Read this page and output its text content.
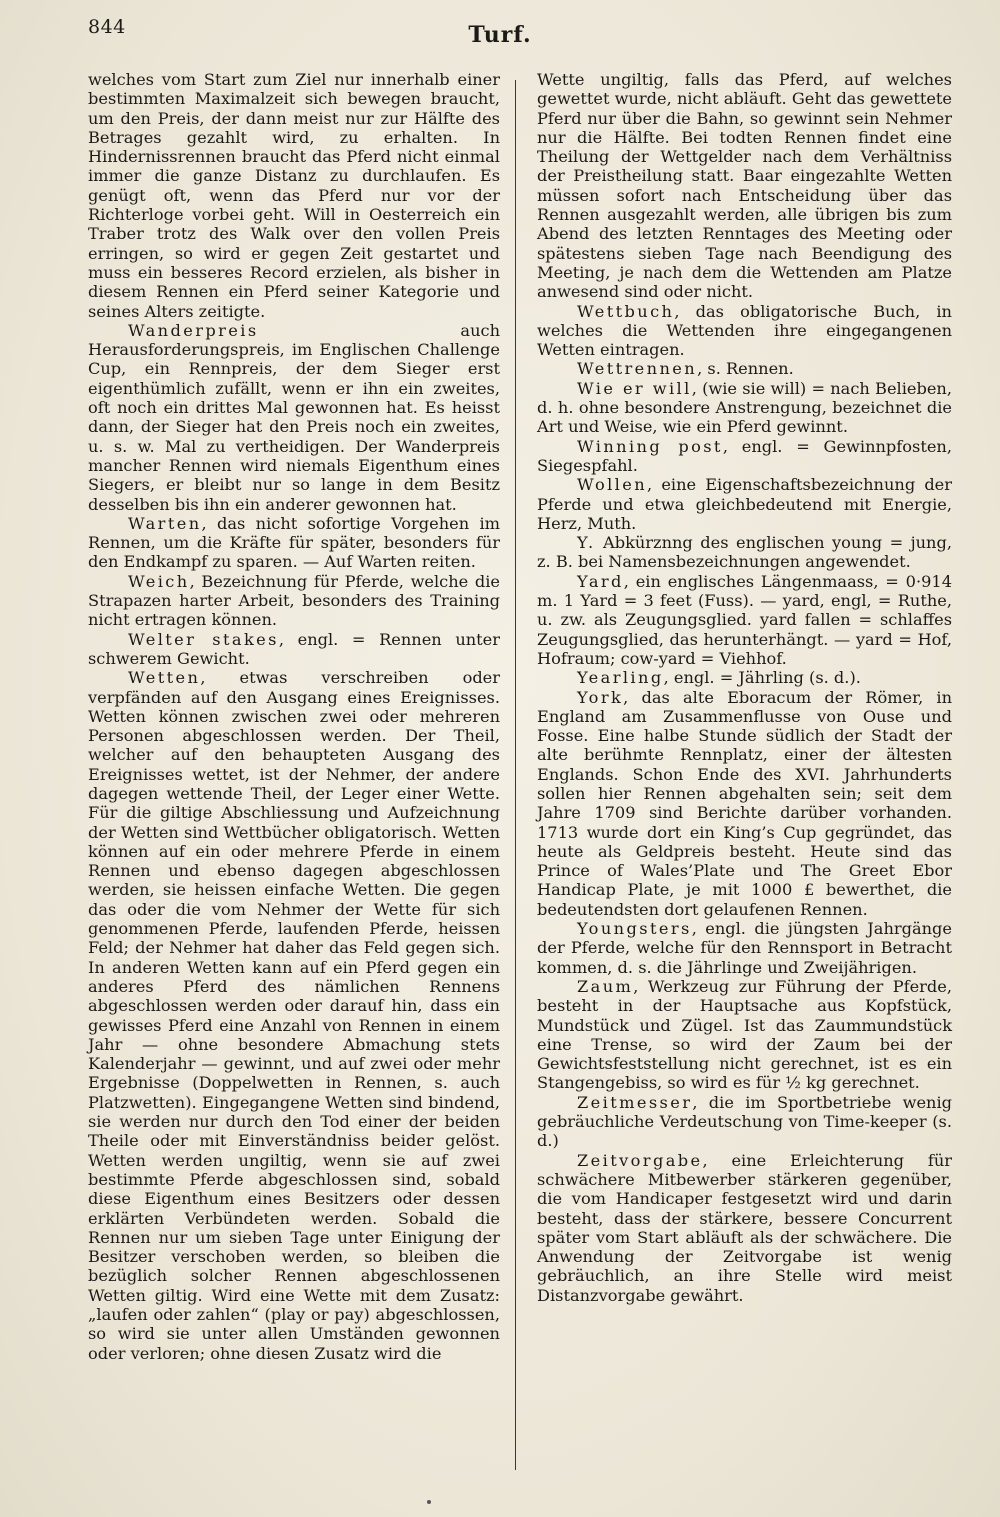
844	Turf.

welches vom Start zum Ziel nur innerhalb einer bestimmten Maximalzeit sich bewegen braucht, um den Preis, der dann meist nur zur Hälfte des Betrages gezahlt wird, zu erhalten. In Hindernissrennen braucht das Pferd nicht einmal immer die ganze Distanz zu durchlaufen. Es genügt oft, wenn das Pferd nur vor der Richterloge vorbei geht. Will in Oesterreich ein Traber trotz des Walk over den vollen Preis erringen, so wird er gegen Zeit gestartet und muss ein besseres Record erzielen, als bisher in diesem Rennen ein Pferd seiner Kategorie und seines Alters zeitigte.

Wanderpreis auch Herausforderungspreis, im Englischen Challenge Cup, ein Rennpreis, der dem Sieger erst eigenthümlich zufällt, wenn er ihn ein zweites, oft noch ein drittes Mal gewonnen hat. Es heisst dann, der Sieger hat den Preis noch ein zweites, u. s. w. Mal zu vertheidigen. Der Wanderpreis mancher Rennen wird niemals Eigenthum eines Siegers, er bleibt nur so lange in dem Besitz desselben bis ihn ein anderer gewonnen hat.

Warten, das nicht sofortige Vorgehen im Rennen, um die Kräfte für später, besonders für den Endkampf zu sparen. — Auf Warten reiten.

Weich, Bezeichnung für Pferde, welche die Strapazen harter Arbeit, besonders des Training nicht ertragen können.

Welter stakes, engl. = Rennen unter schwerem Gewicht.

Wetten, etwas verschreiben oder verpfänden auf den Ausgang eines Ereignisses. Wetten können zwischen zwei oder mehreren Personen abgeschlossen werden. Der Theil, welcher auf den behaupteten Ausgang des Ereignisses wettet, ist der Nehmer, der andere dagegen wettende Theil, der Leger einer Wette. Für die giltige Abschliessung und Aufzeichnung der Wetten sind Wettbücher obligatorisch. Wetten können auf ein oder mehrere Pferde in einem Rennen und ebenso dagegen abgeschlossen werden, sie heissen einfache Wetten. Die gegen das oder die vom Nehmer der Wette für sich genommenen Pferde, laufenden Pferde, heissen Feld; der Nehmer hat daher das Feld gegen sich. In anderen Wetten kann auf ein Pferd gegen ein anderes Pferd des nämlichen Rennens abgeschlossen werden oder darauf hin, dass ein gewisses Pferd eine Anzahl von Rennen in einem Jahr — ohne besondere Abmachung stets Kalenderjahr — gewinnt, und auf zwei oder mehr Ergebnisse (Doppelwetten in Rennen, s. auch Platzwetten). Eingegangene Wetten sind bindend, sie werden nur durch den Tod einer der beiden Theile oder mit Einverständniss beider gelöst. Wetten werden ungiltig, wenn sie auf zwei bestimmte Pferde abgeschlossen sind, sobald diese Eigenthum eines Besitzers oder dessen erklärten Verbündeten werden. Sobald die Rennen nur um sieben Tage unter Einigung der Besitzer verschoben werden, so bleiben die bezüglich solcher Rennen abgeschlossenen Wetten giltig. Wird eine Wette mit dem Zusatz: „laufen oder zahlen“ (play or pay) abgeschlossen, so wird sie unter allen Umständen gewonnen oder verloren; ohne diesen Zusatz wird die

Wette ungiltig, falls das Pferd, auf welches gewettet wurde, nicht abläuft. Geht das gewettete Pferd nur über die Bahn, so gewinnt sein Nehmer nur die Hälfte. Bei todten Rennen findet eine Theilung der Wettgelder nach dem Verhältniss der Preistheilung statt. Baar eingezahlte Wetten müssen sofort nach Entscheidung über das Rennen ausgezahlt werden, alle übrigen bis zum Abend des letzten Renntages des Meeting oder spätestens sieben Tage nach Beendigung des Meeting, je nach dem die Wettenden am Platze anwesend sind oder nicht.

Wettbuch, das obligatorische Buch, in welches die Wettenden ihre eingegangenen Wetten eintragen.

Wettrennen, s. Rennen.

Wie er will, (wie sie will) = nach Belieben, d. h. ohne besondere Anstrengung, bezeichnet die Art und Weise, wie ein Pferd gewinnt.

Winning post, engl. = Gewinnpfosten, Siegespfahl.

Wollen, eine Eigenschaftsbezeichnung der Pferde und etwa gleichbedeutend mit Energie, Herz, Muth.

Y. Abkürznng des englischen young = jung, z. B. bei Namensbezeichnungen angewendet.

Yard, ein englisches Längenmaass, = 0·914 m. 1 Yard = 3 feet (Fuss). — yard, engl, = Ruthe, u. zw. als Zeugungsglied. yard fallen = schlaffes Zeugungsglied, das herunterhängt. — yard = Hof, Hofraum; cow-yard = Viehhof.

Yearling, engl. = Jährling (s. d.).

York, das alte Eboracum der Römer, in England am Zusammenflusse von Ouse und Fosse. Eine halbe Stunde südlich der Stadt der alte berühmte Rennplatz, einer der ältesten Englands. Schon Ende des XVI. Jahrhunderts sollen hier Rennen abgehalten sein; seit dem Jahre 1709 sind Berichte darüber vorhanden. 1713 wurde dort ein King’s Cup gegründet, das heute als Geldpreis besteht. Heute sind das Prince of Wales’Plate und The Greet Ebor Handicap Plate, je mit 1000 £ bewerthet, die bedeutendsten dort gelaufenen Rennen.

Youngsters, engl. die jüngsten Jahrgänge der Pferde, welche für den Rennsport in Betracht kommen, d. s. die Jährlinge und Zweijährigen.

Zaum, Werkzeug zur Führung der Pferde, besteht in der Hauptsache aus Kopfstück, Mundstück und Zügel. Ist das Zaummundstück eine Trense, so wird der Zaum bei der Gewichtsfeststellung nicht gerechnet, ist es ein Stangengebiss, so wird es für ½ kg gerechnet.

Zeitmesser, die im Sportbetriebe wenig gebräuchliche Verdeutschung von Time-keeper (s. d.)

Zeitvorgabe, eine Erleichterung für schwächere Mitbewerber stärkeren gegenüber, die vom Handicaper festgesetzt wird und darin besteht, dass der stärkere, bessere Concurrent später vom Start abläuft als der schwächere. Die Anwendung der Zeitvorgabe ist wenig gebräuchlich, an ihre Stelle wird meist Distanzvorgabe gewährt.
